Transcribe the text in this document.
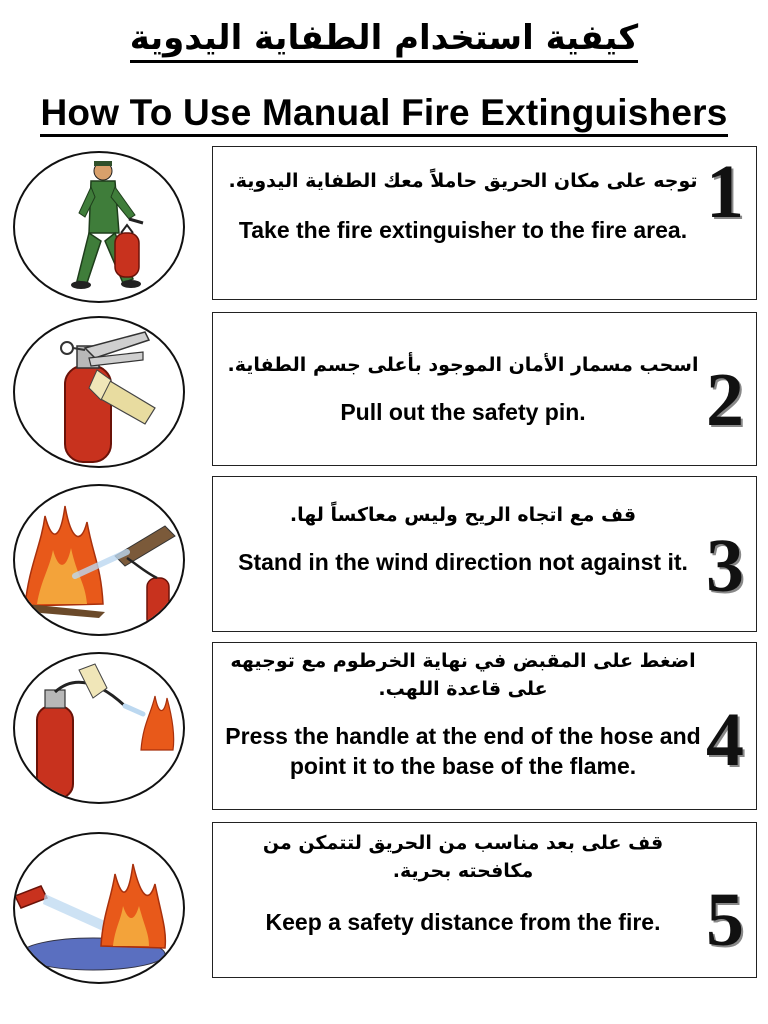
كيفية استخدام الطفاية اليدوية
How To Use Manual Fire Extinguishers
توجه على مكان الحريق حاملاً معك الطفاية اليدوية.
Take the fire extinguisher to the fire area. 1
اسحب مسمار الأمان الموجود بأعلى جسم الطفاية.
Pull out the safety pin.	2
قف مع اتجاه الريح وليس معاكساً لها.
Stand in the wind direction not against it. 3
اضغط على المقبض في نهاية الخرطوم مع توجيهه على قاعدة اللهب.
Press the handle at the end of the hose and point it to the base of the flame. 4
قف على بعد مناسب من الحريق لتتمكن من مكافحته بحرية.
Keep a safety distance from the fire. 5
